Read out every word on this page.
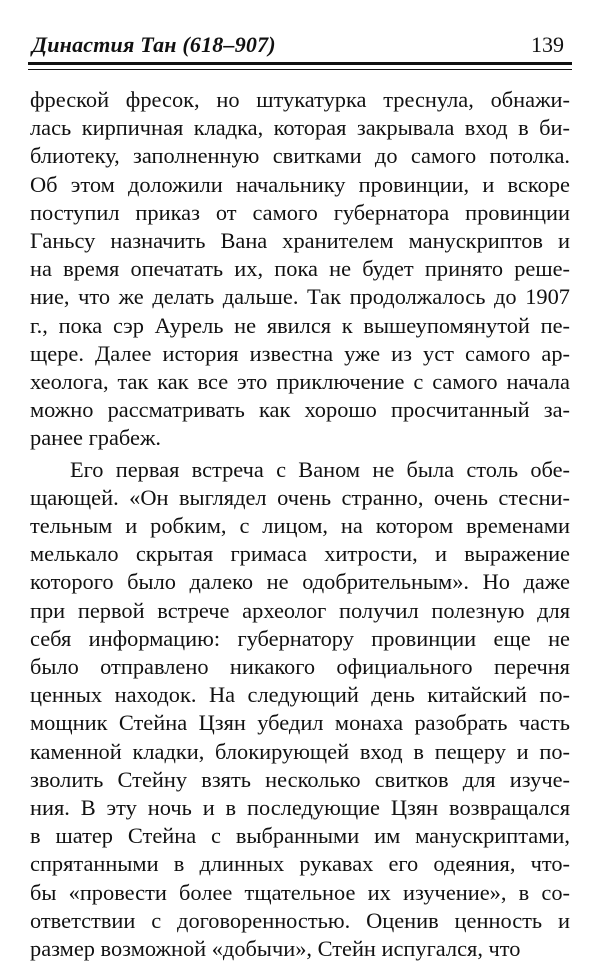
Династия Тан (618–907)	139
фреской фресок, но штукатурка треснула, обнажи-
лась кирпичная кладка, которая закрывала вход в би-
блиотеку, заполненную свитками до самого потолка.
Об этом доложили начальнику провинции, и вскоре
поступил приказ от самого губернатора провинции
Ганьсу назначить Вана хранителем манускриптов и
на время опечатать их, пока не будет принято реше-
ние, что же делать дальше. Так продолжалось до 1907
г., пока сэр Аурель не явился к вышеупомянутой пе-
щере. Далее история известна уже из уст самого ар-
хеолога, так как все это приключение с самого начала
можно рассматривать как хорошо просчитанный за-
ранее грабеж.
Его первая встреча с Ваном не была столь обе-
щающей. «Он выглядел очень странно, очень стесни-
тельным и робким, с лицом, на котором временами
мелькало скрытая гримаса хитрости, и выражение
которого было далеко не одобрительным». Но даже
при первой встрече археолог получил полезную для
себя информацию: губернатору провинции еще не
было отправлено никакого официального перечня
ценных находок. На следующий день китайский по-
мощник Стейна Цзян убедил монаха разобрать часть
каменной кладки, блокирующей вход в пещеру и по-
зволить Стейну взять несколько свитков для изуче-
ния. В эту ночь и в последующие Цзян возвращался
в шатер Стейна с выбранными им манускриптами,
спрятанными в длинных рукавах его одеяния, что-
бы «провести более тщательное их изучение», в со-
ответствии с договоренностью. Оценив ценность и
размер возможной «добычи», Стейн испугался, что
